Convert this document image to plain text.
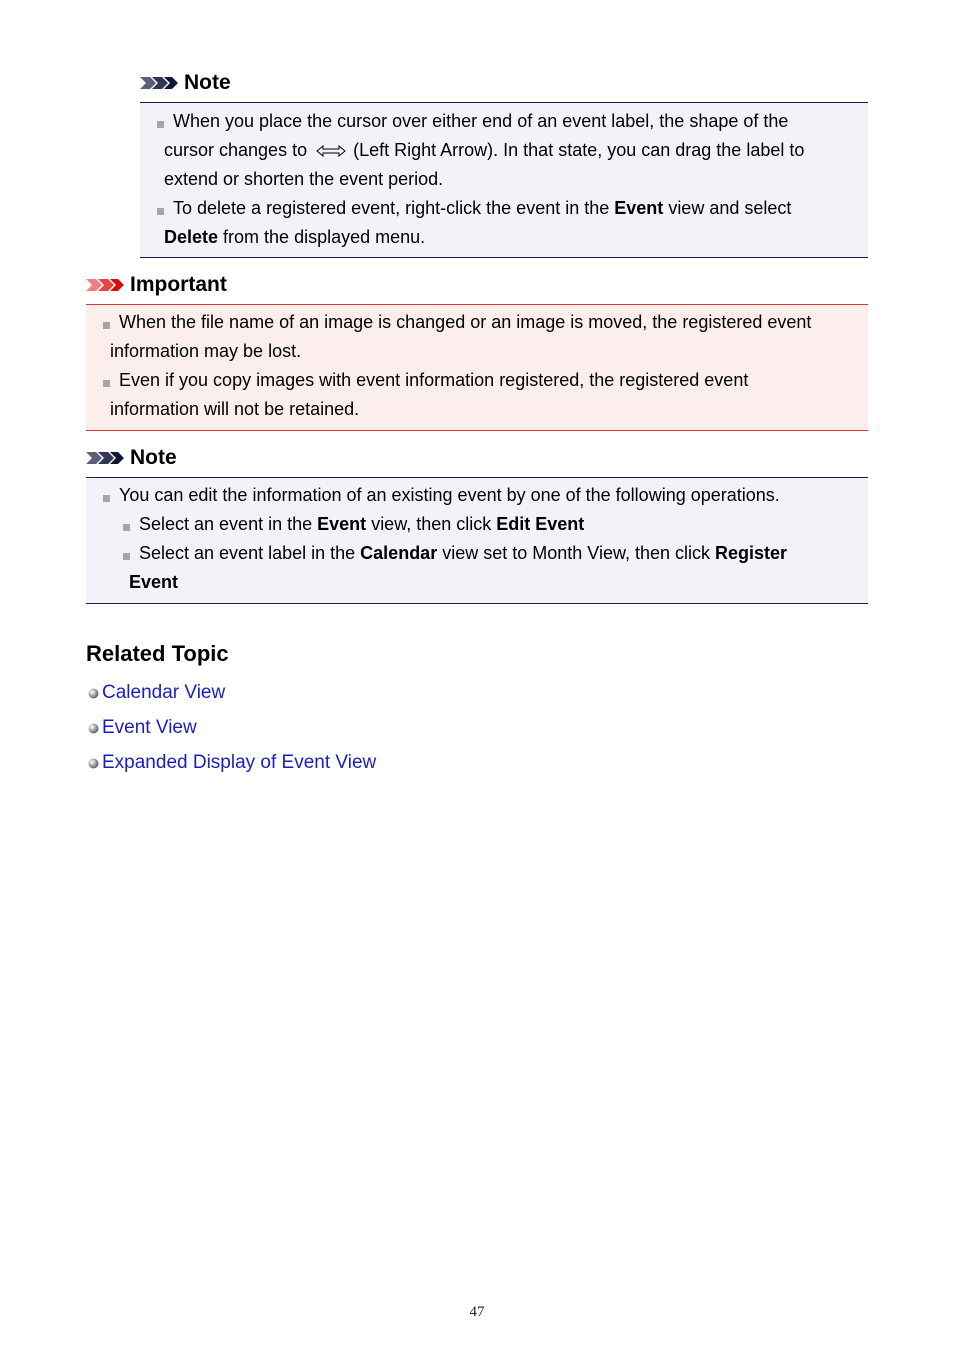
Note
When you place the cursor over either end of an event label, the shape of the
cursor changes to	(Left Right Arrow). In that state, you can drag the label to
extend or shorten the event period.
To delete a registered event, right-click the event in the Event view and select
Delete from the displayed menu.
Important
When the file name of an image is changed or an image is moved, the registered event
information may be lost.
Even if you copy images with event information registered, the registered event
information will not be retained.
Note
You can edit the information of an existing event by one of the following operations.
Select an event in the Event view, then click Edit Event
Select an event label in the Calendar view set to Month View, then click Register
Event
Related Topic
Calendar View
Event View
Expanded Display of Event View
47
